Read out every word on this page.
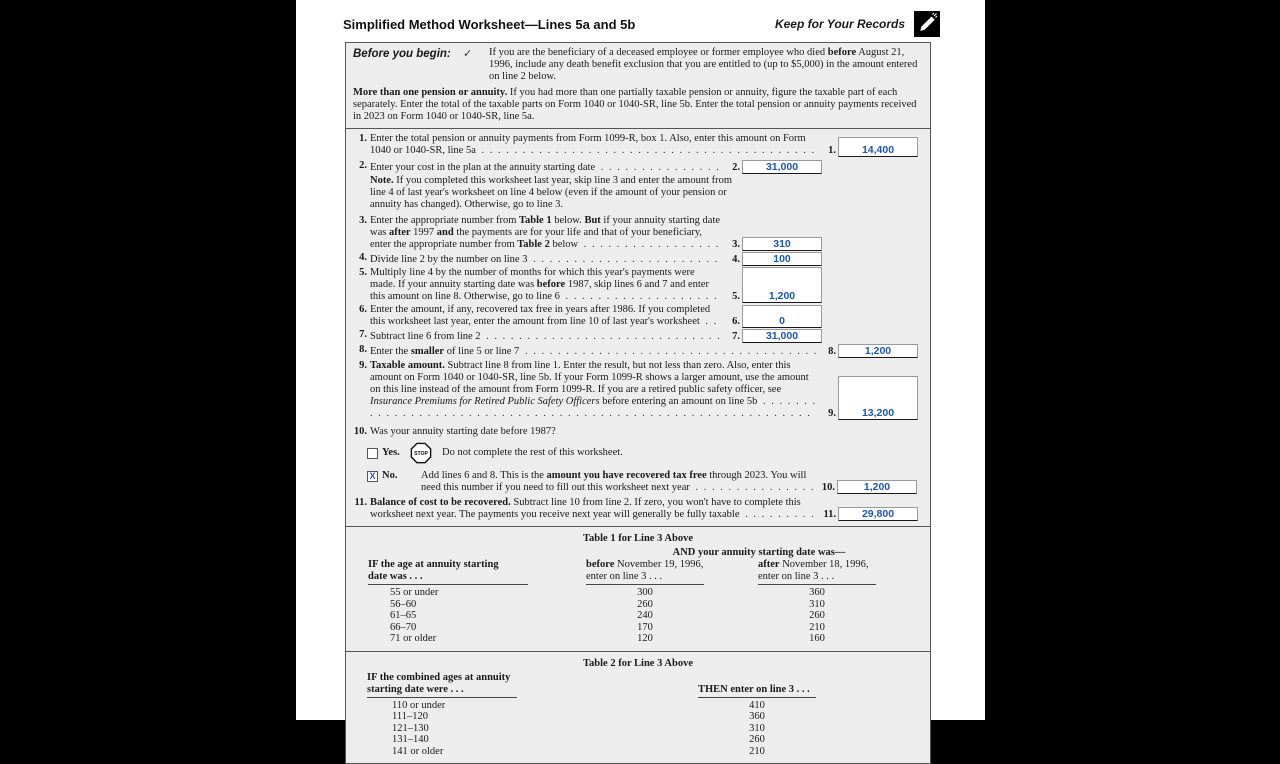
Simplified Method Worksheet—Lines 5a and 5b	Keep for Your Records
Before you begin:	✓	If you are the beneficiary of a deceased employee or former employee who died before August 21, 1996, include any death benefit exclusion that you are entitled to (up to $5,000) in the amount entered on line 2 below.
More than one pension or annuity. If you had more than one partially taxable pension or annuity, figure the taxable part of each separately. Enter the total of the taxable parts on Form 1040 or 1040-SR, line 5b. Enter the total pension or annuity payments received in 2023 on Form 1040 or 1040-SR, line 5a.
1. Enter the total pension or annuity payments from Form 1099-R, box 1. Also, enter this amount on Form 1040 or 1040-SR, line 5a . . .	1. 14,400
2. Enter your cost in the plan at the annuity starting date . . .	2. 31,000
Note. If you completed this worksheet last year, skip line 3 and enter the amount from line 4 of last year's worksheet on line 4 below (even if the amount of your pension or annuity has changed). Otherwise, go to line 3.
3. Enter the appropriate number from Table 1 below. But if your annuity starting date was after 1997 and the payments are for your life and that of your beneficiary, enter the appropriate number from Table 2 below . . .	3.	310
4. Divide line 2 by the number on line 3 . . .	4.	100
5. Multiply line 4 by the number of months for which this year's payments were made. If your annuity starting date was before 1987, skip lines 6 and 7 and enter this amount on line 8. Otherwise, go to line 6 . . .	5.	1,200
6. Enter the amount, if any, recovered tax free in years after 1986. If you completed this worksheet last year, enter the amount from line 10 of last year's worksheet . . .	6.	0
7. Subtract line 6 from line 2 . . .	7. 31,000
8. Enter the smaller of line 5 or line 7 . . .	8.	1,200
9. Taxable amount. Subtract line 8 from line 1. Enter the result, but not less than zero. Also, enter this amount on Form 1040 or 1040-SR, line 5b. If your Form 1099-R shows a larger amount, use the amount on this line instead of the amount from Form 1099-R. If you are a retired public safety officer, see Insurance Premiums for Retired Public Safety Officers before entering an amount on line 5b . . .
9. 13,200
10. Was your annuity starting date before 1987?
Yes.	STOP	Do not complete the rest of this worksheet.
X No.	Add lines 6 and 8. This is the amount you have recovered tax free through 2023. You will need this number if you need to fill out this worksheet next year . . .	10.	1,200
11. Balance of cost to be recovered. Subtract line 10 from line 2. If zero, you won't have to complete this worksheet next year. The payments you receive next year will generally be fully taxable . . .	11. 29,800
Table 1 for Line 3 Above
AND your annuity starting date was—
IF the age at annuity starting
date was . . .
before November 19, 1996,
enter on line 3 . . .
after November 18, 1996,
enter on line 3 . . .
55 or under	300	360
56–60	260	310
61–65	240	260
66–70	170	210
71 or older	120	160
Table 2 for Line 3 Above
IF the combined ages at annuity
starting date were . . .	THEN enter on line 3 . . .
110 or under	410
111–120	360
121–130	310
131–140	260
141 or older	210
